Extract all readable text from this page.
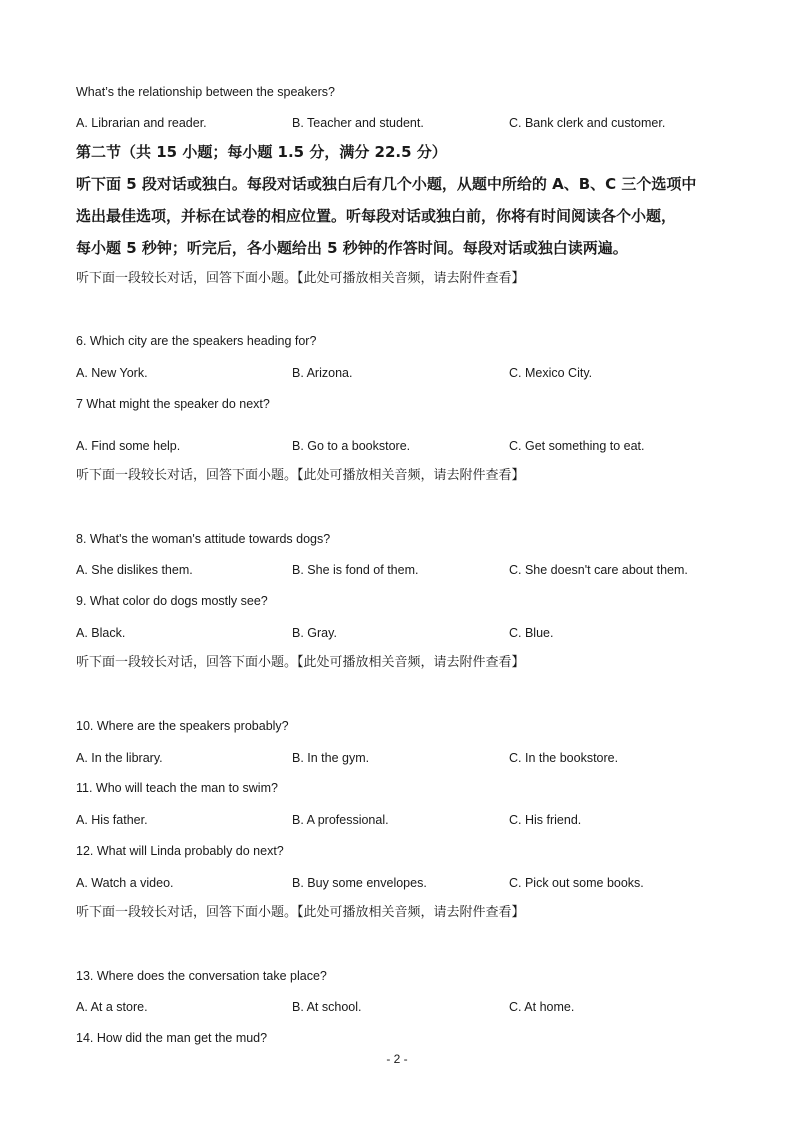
What’s the relationship between the speakers?
A. Librarian and reader.	B. Teacher and student.	C. Bank clerk and customer.
第二节（共 15 小题；每小题 1.5 分，满分 22.5 分）
听下面 5 段对话或独白。每段对话或独白后有几个小题，从题中所给的 A、B、C 三个选项中
选出最佳选项，并标在试卷的相应位置。听每段对话或独白前，你将有时间阅读各个小题，
每小题 5 秒钟；听完后，各小题给出 5 秒钟的作答时间。每段对话或独白读两遍。
听下面一段较长对话，回答下面小题。【此处可播放相关音频，请去附件查看】
6. Which city are the speakers heading for?
A. New York.	B. Arizona.	C. Mexico City.
7 What might the speaker do next?
A. Find some help.	B. Go to a bookstore.	C. Get something to eat.
听下面一段较长对话，回答下面小题。【此处可播放相关音频，请去附件查看】
8. What's the woman's attitude towards dogs?
A. She dislikes them.	B. She is fond of them.	C. She doesn't care about them.
9. What color do dogs mostly see?
A. Black.	B. Gray.	C. Blue.
听下面一段较长对话，回答下面小题。【此处可播放相关音频，请去附件查看】
10. Where are the speakers probably?
A. In the library.	B. In the gym.	C. In the bookstore.
11. Who will teach the man to swim?
A. His father.	B. A professional.	C. His friend.
12. What will Linda probably do next?
A. Watch a video.	B. Buy some envelopes.	C. Pick out some books.
听下面一段较长对话，回答下面小题。【此处可播放相关音频，请去附件查看】
13. Where does the conversation take place?
A. At a store.	B. At school.	C. At home.
14. How did the man get the mud?
- 2 -
